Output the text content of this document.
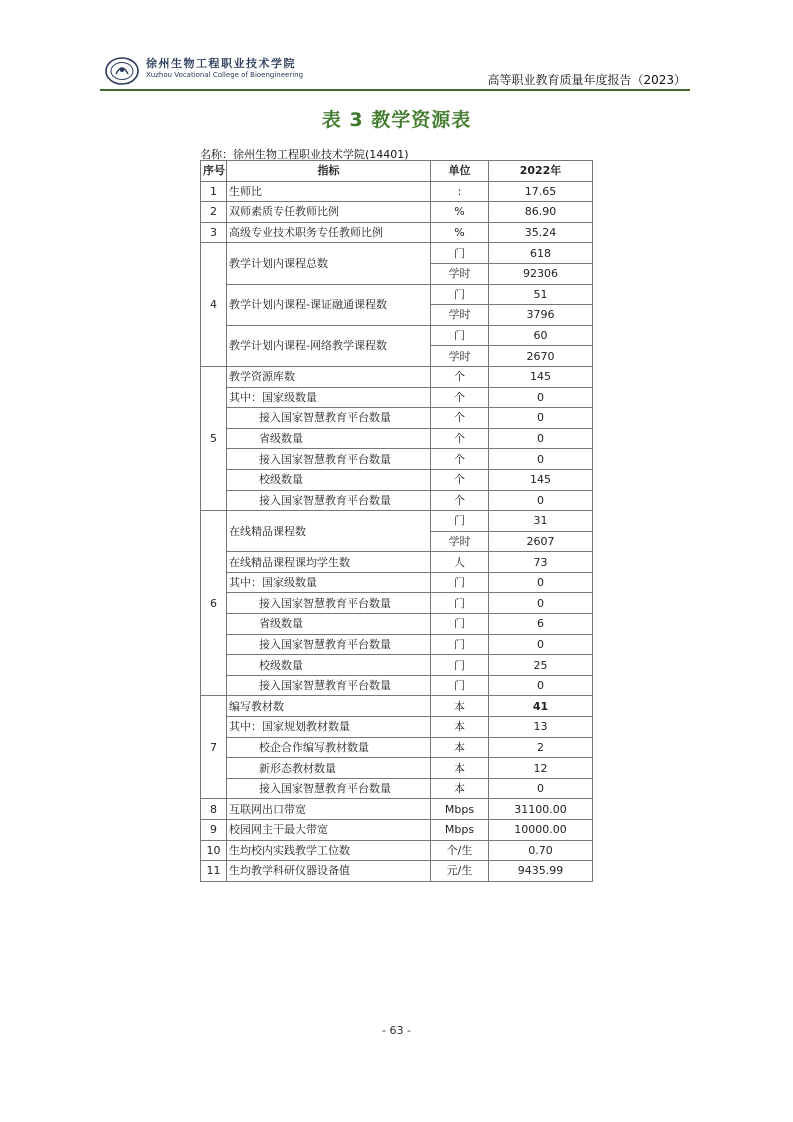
徐州生物工程职业技术学院
Xuzhou Vocational College of Bioengineering	高等职业教育质量年度报告（2023）
表 3 教学资源表
名称：徐州生物工程职业技术学院(14401)
序号	指标	单位	2022年
1	生师比	:	17.65
2	双师素质专任教师比例	%	86.90
3	高级专业技术职务专任教师比例	%	35.24
4	教学计划内课程总数	门	618
		学时	92306
	教学计划内课程-课证融通课程数	门	51
		学时	3796
	教学计划内课程-网络教学课程数	门	60
		学时	2670
5	教学资源库数	个	145
	其中：国家级数量	个	0
	接入国家智慧教育平台数量	个	0
	省级数量	个	0
	接入国家智慧教育平台数量	个	0
	校级数量	个	145
	接入国家智慧教育平台数量	个	0
6	在线精品课程数	门	31
		学时	2607
	在线精品课程课均学生数	人	73
	其中：国家级数量	门	0
	接入国家智慧教育平台数量	门	0
	省级数量	门	6
	接入国家智慧教育平台数量	门	0
	校级数量	门	25
	接入国家智慧教育平台数量	门	0
7	编写教材数	本	41
	其中：国家规划教材数量	本	13
	校企合作编写教材数量	本	2
	新形态教材数量	本	12
	接入国家智慧教育平台数量	本	0
8	互联网出口带宽	Mbps	31100.00
9	校园网主干最大带宽	Mbps	10000.00
10	生均校内实践教学工位数	个/生	0.70
11	生均教学科研仪器设备值	元/生	9435.99
- 63 -
